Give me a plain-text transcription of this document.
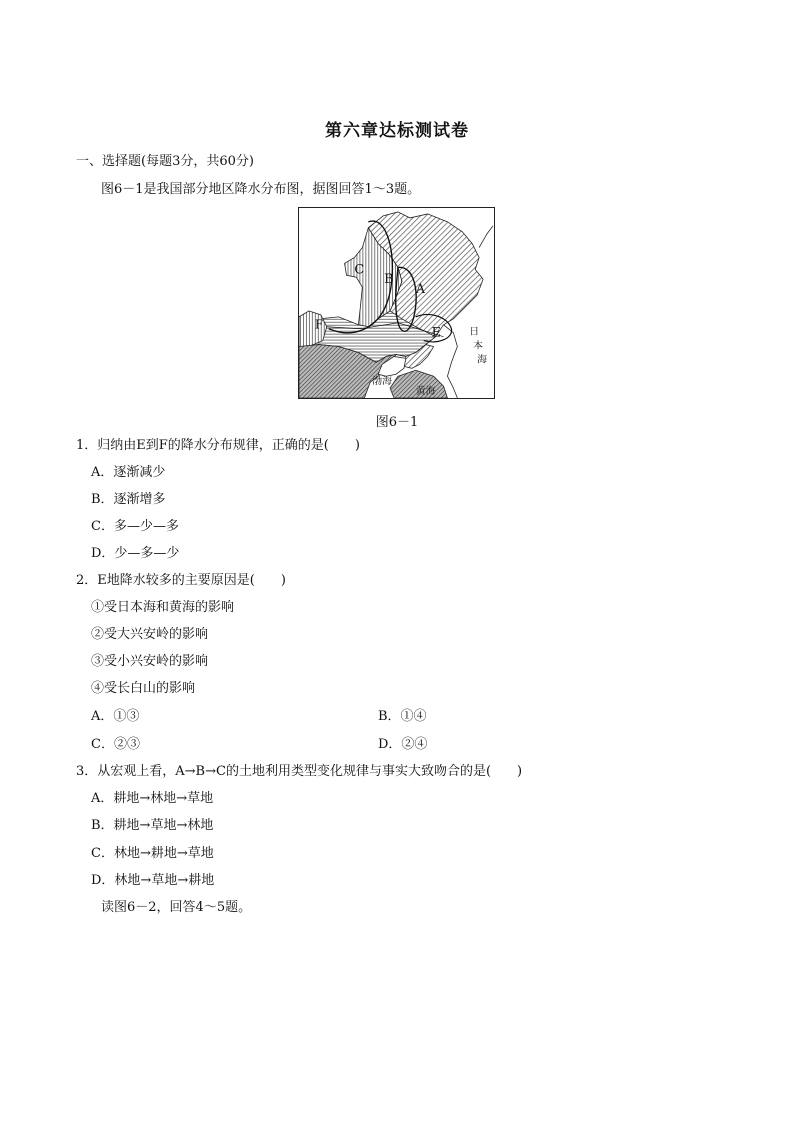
第六章达标测试卷
一、选择题(每题3分，共60分)
图6－1是我国部分地区降水分布图，据图回答1～3题。
C
B
A
E
F
日
本
海
渤海
黄海
图6－1
1．归纳由E到F的降水分布规律，正确的是(　　)
A．逐渐减少
B．逐渐增多
C．多—少—多
D．少—多—少
2．E地降水较多的主要原因是(　　)
①受日本海和黄海的影响
②受大兴安岭的影响
③受小兴安岭的影响
④受长白山的影响
A．①③	B．①④
C．②③	D．②④
3．从宏观上看，A→B→C的土地利用类型变化规律与事实大致吻合的是(　　)
A．耕地→林地→草地
B．耕地→草地→林地
C．林地→耕地→草地
D．林地→草地→耕地
读图6－2，回答4～5题。
